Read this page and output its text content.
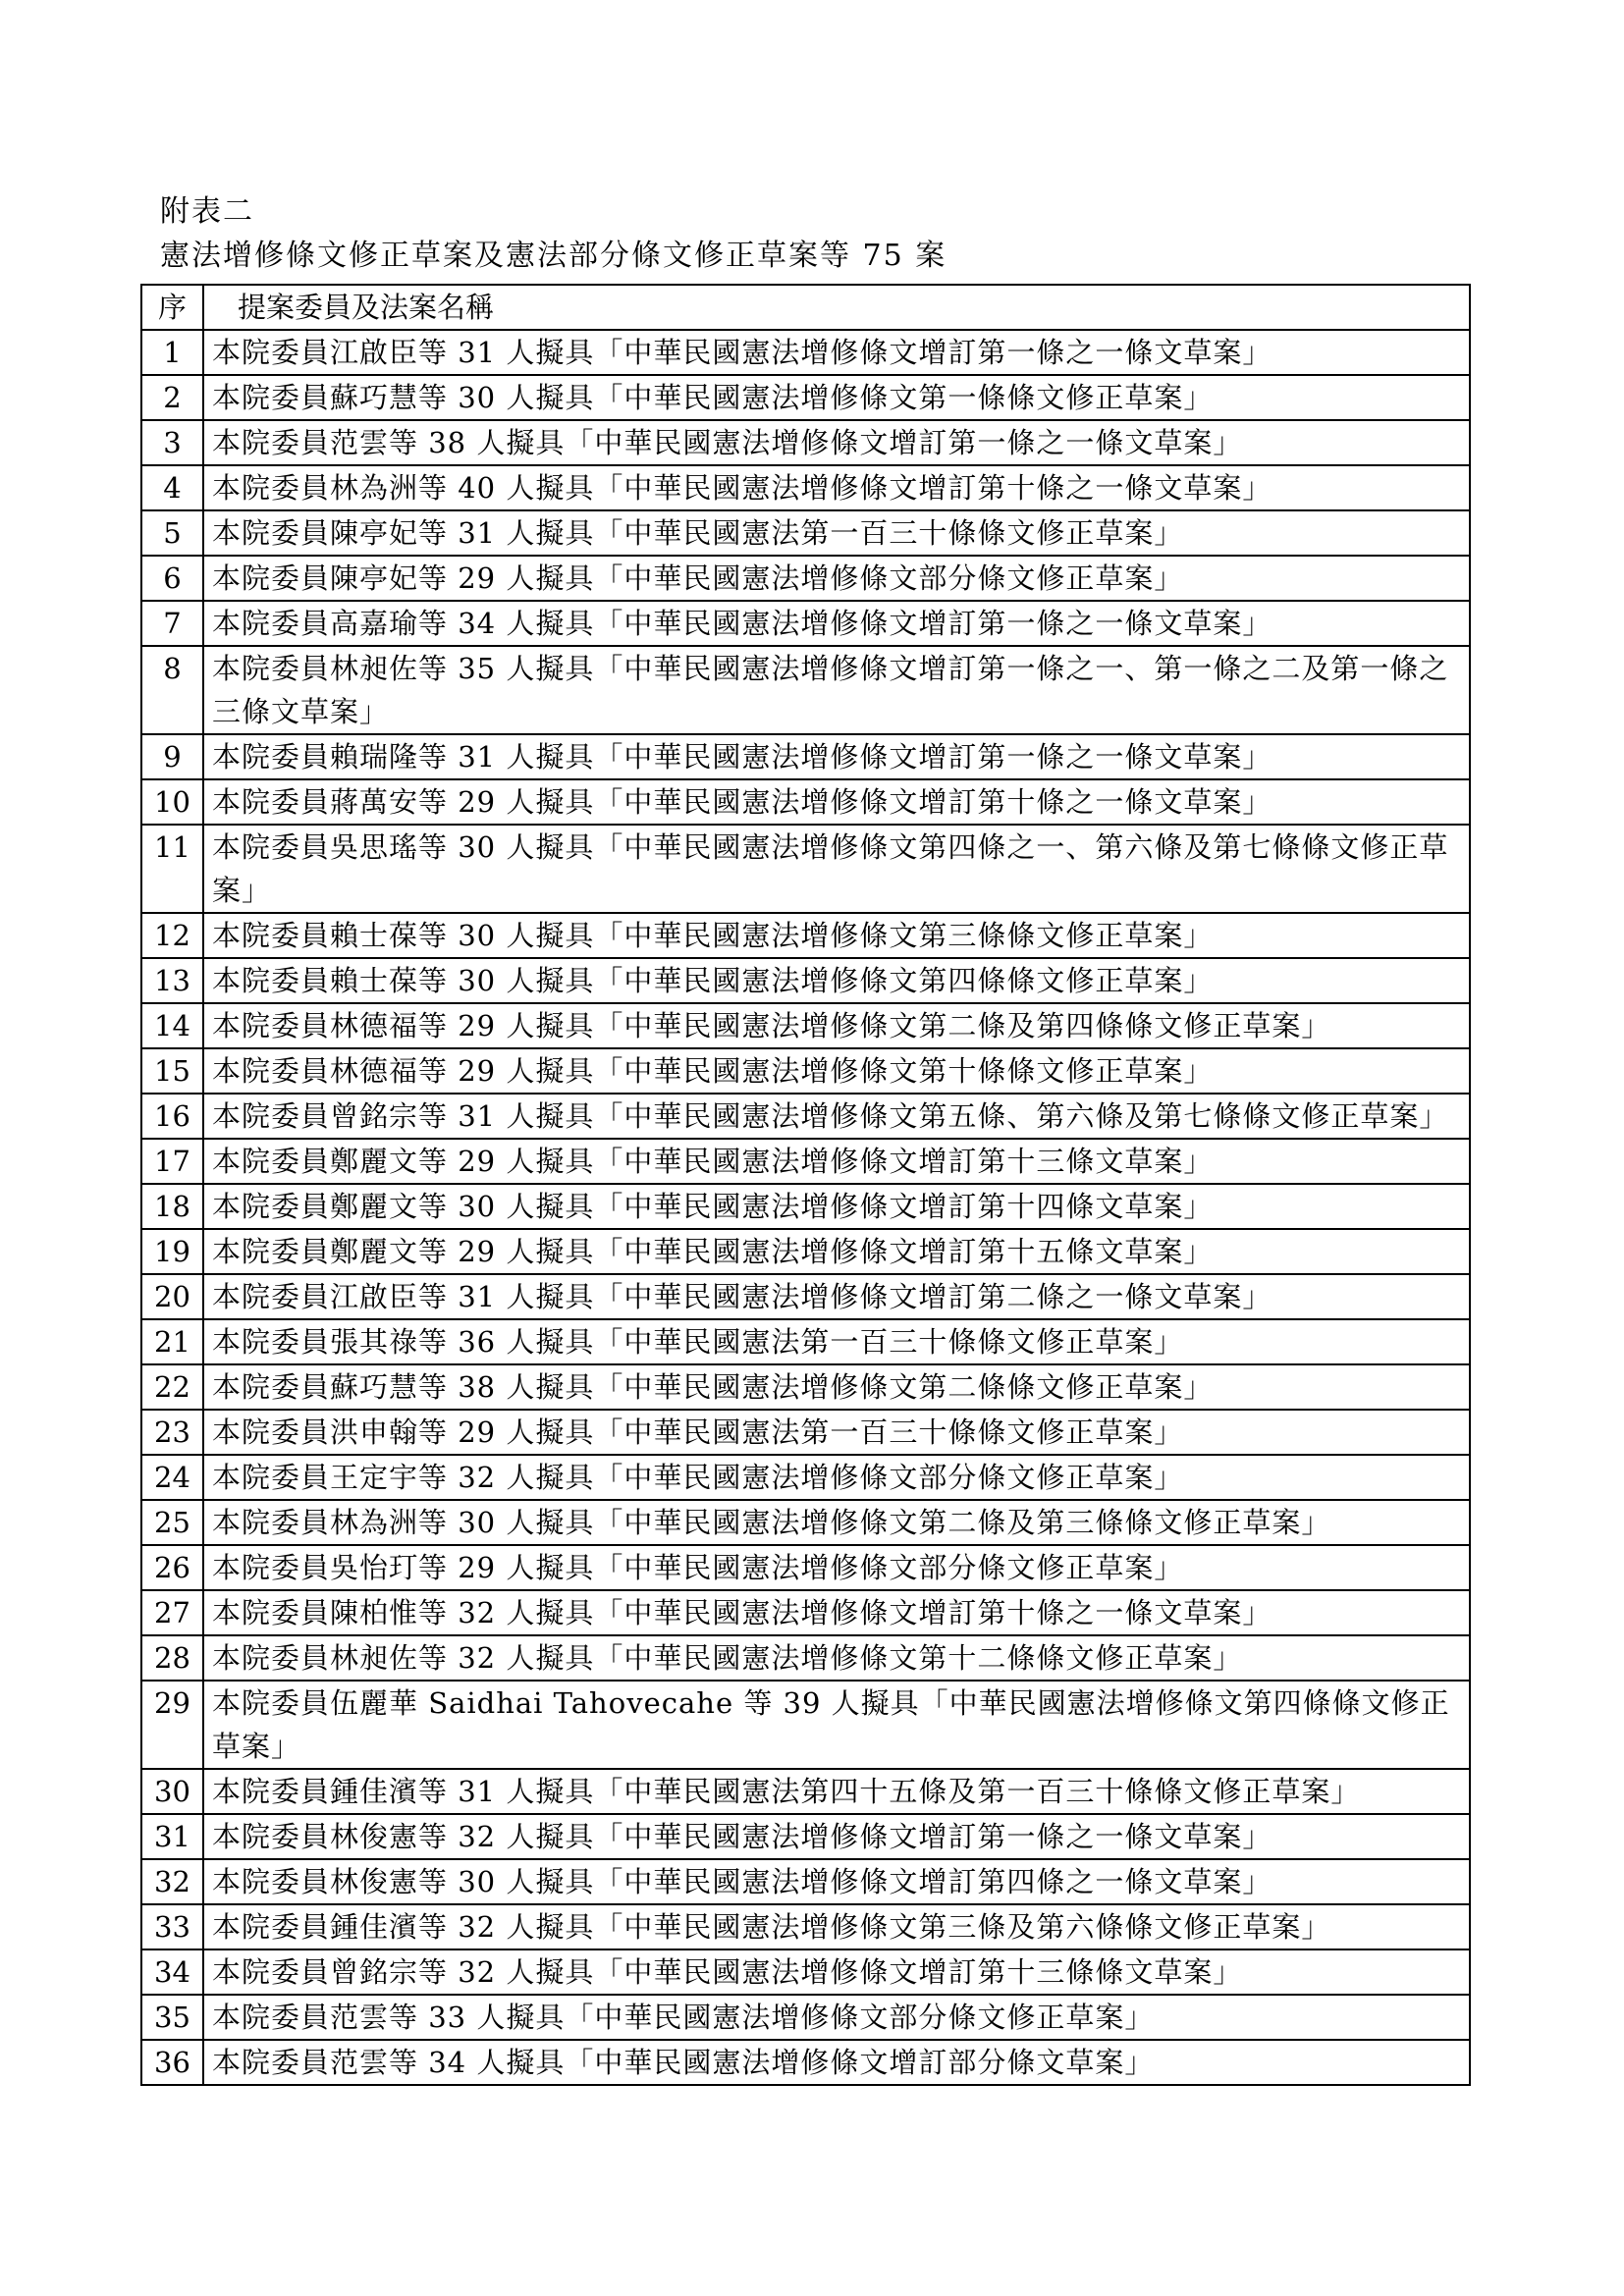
附表二
憲法增修條文修正草案及憲法部分條文修正草案等 75 案
序	提案委員及法案名稱
1	本院委員江啟臣等 31 人擬具「中華民國憲法增修條文增訂第一條之一條文草案」
2	本院委員蘇巧慧等 30 人擬具「中華民國憲法增修條文第一條條文修正草案」
3	本院委員范雲等 38 人擬具「中華民國憲法增修條文增訂第一條之一條文草案」
4	本院委員林為洲等 40 人擬具「中華民國憲法增修條文增訂第十條之一條文草案」
5	本院委員陳亭妃等 31 人擬具「中華民國憲法第一百三十條條文修正草案」
6	本院委員陳亭妃等 29 人擬具「中華民國憲法增修條文部分條文修正草案」
7	本院委員高嘉瑜等 34 人擬具「中華民國憲法增修條文增訂第一條之一條文草案」
8	本院委員林昶佐等 35 人擬具「中華民國憲法增修條文增訂第一條之一、第一條之二及第一條之三條文草案」
9	本院委員賴瑞隆等 31 人擬具「中華民國憲法增修條文增訂第一條之一條文草案」
10	本院委員蔣萬安等 29 人擬具「中華民國憲法增修條文增訂第十條之一條文草案」
11	本院委員吳思瑤等 30 人擬具「中華民國憲法增修條文第四條之一、第六條及第七條條文修正草案」
12	本院委員賴士葆等 30 人擬具「中華民國憲法增修條文第三條條文修正草案」
13	本院委員賴士葆等 30 人擬具「中華民國憲法增修條文第四條條文修正草案」
14	本院委員林德福等 29 人擬具「中華民國憲法增修條文第二條及第四條條文修正草案」
15	本院委員林德福等 29 人擬具「中華民國憲法增修條文第十條條文修正草案」
16	本院委員曾銘宗等 31 人擬具「中華民國憲法增修條文第五條、第六條及第七條條文修正草案」
17	本院委員鄭麗文等 29 人擬具「中華民國憲法增修條文增訂第十三條文草案」
18	本院委員鄭麗文等 30 人擬具「中華民國憲法增修條文增訂第十四條文草案」
19	本院委員鄭麗文等 29 人擬具「中華民國憲法增修條文增訂第十五條文草案」
20	本院委員江啟臣等 31 人擬具「中華民國憲法增修條文增訂第二條之一條文草案」
21	本院委員張其祿等 36 人擬具「中華民國憲法第一百三十條條文修正草案」
22	本院委員蘇巧慧等 38 人擬具「中華民國憲法增修條文第二條條文修正草案」
23	本院委員洪申翰等 29 人擬具「中華民國憲法第一百三十條條文修正草案」
24	本院委員王定宇等 32 人擬具「中華民國憲法增修條文部分條文修正草案」
25	本院委員林為洲等 30 人擬具「中華民國憲法增修條文第二條及第三條條文修正草案」
26	本院委員吳怡玎等 29 人擬具「中華民國憲法增修條文部分條文修正草案」
27	本院委員陳柏惟等 32 人擬具「中華民國憲法增修條文增訂第十條之一條文草案」
28	本院委員林昶佐等 32 人擬具「中華民國憲法增修條文第十二條條文修正草案」
29	本院委員伍麗華 Saidhai Tahovecahe 等 39 人擬具「中華民國憲法增修條文第四條條文修正草案」
30	本院委員鍾佳濱等 31 人擬具「中華民國憲法第四十五條及第一百三十條條文修正草案」
31	本院委員林俊憲等 32 人擬具「中華民國憲法增修條文增訂第一條之一條文草案」
32	本院委員林俊憲等 30 人擬具「中華民國憲法增修條文增訂第四條之一條文草案」
33	本院委員鍾佳濱等 32 人擬具「中華民國憲法增修條文第三條及第六條條文修正草案」
34	本院委員曾銘宗等 32 人擬具「中華民國憲法增修條文增訂第十三條條文草案」
35	本院委員范雲等 33 人擬具「中華民國憲法增修條文部分條文修正草案」
36	本院委員范雲等 34 人擬具「中華民國憲法增修條文增訂部分條文草案」
